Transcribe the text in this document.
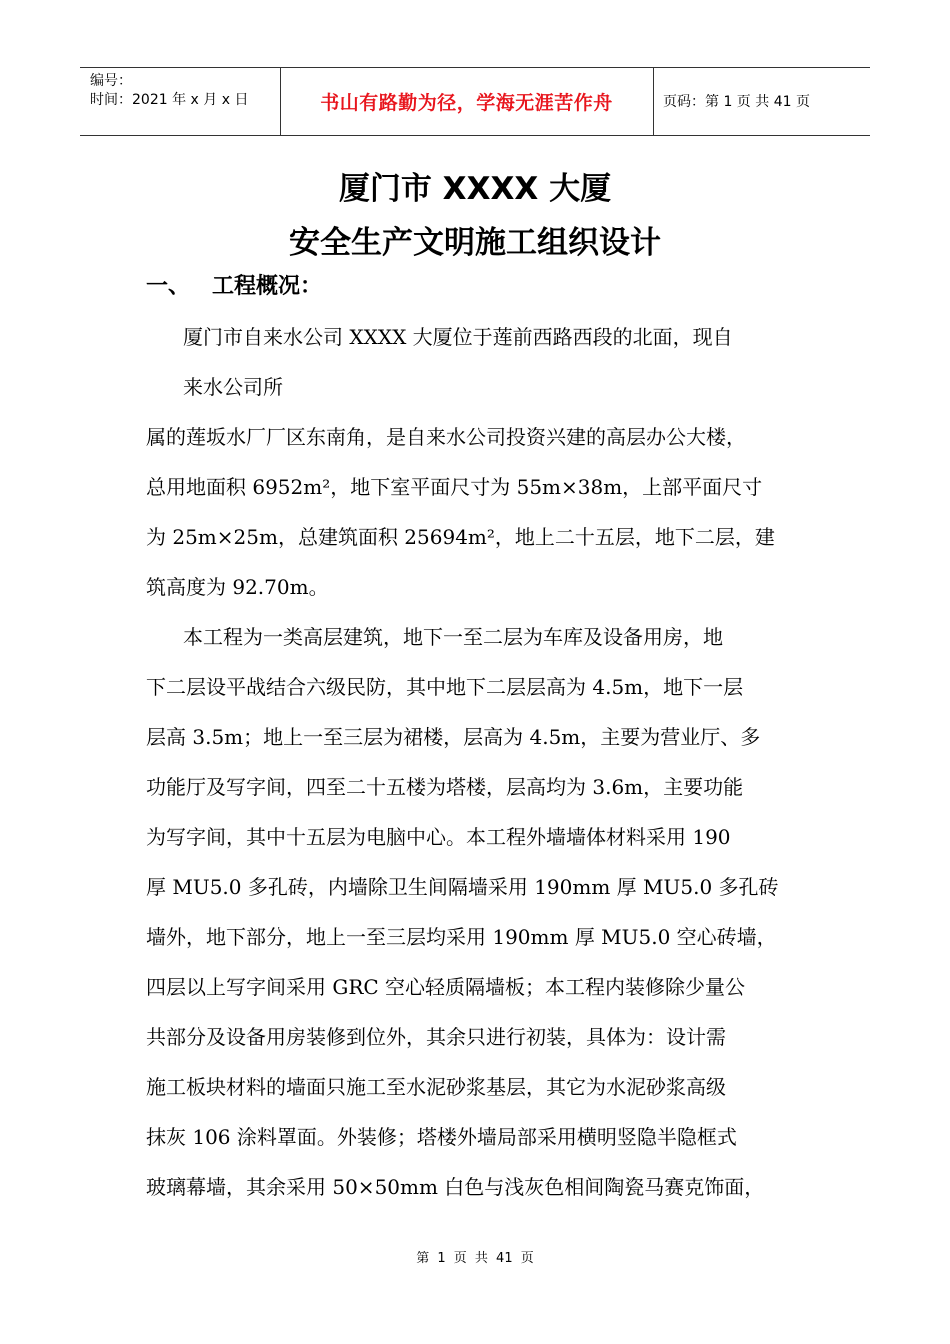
编号：
时间：2021 年 x 月 x 日	书山有路勤为径，学海无涯苦作舟	页码：第 1 页 共 41 页
厦门市 XXXX 大厦
安全生产文明施工组织设计
一、 工程概况：
厦门市自来水公司 XXXX 大厦位于莲前西路西段的北面，现自
来水公司所
属的莲坂水厂厂区东南角，是自来水公司投资兴建的高层办公大楼，
总用地面积 6952m²，地下室平面尺寸为 55m×38m，上部平面尺寸
为 25m×25m，总建筑面积 25694m²，地上二十五层，地下二层，建
筑高度为 92.70m。
本工程为一类高层建筑，地下一至二层为车库及设备用房，地
下二层设平战结合六级民防，其中地下二层层高为 4.5m，地下一层
层高 3.5m；地上一至三层为裙楼，层高为 4.5m，主要为营业厅、多
功能厅及写字间，四至二十五楼为塔楼，层高均为 3.6m，主要功能
为写字间，其中十五层为电脑中心。本工程外墙墙体材料采用 190
厚 MU5.0 多孔砖，内墙除卫生间隔墙采用 190mm 厚 MU5.0 多孔砖
墙外，地下部分，地上一至三层均采用 190mm 厚 MU5.0 空心砖墙，
四层以上写字间采用 GRC 空心轻质隔墙板；本工程内装修除少量公
共部分及设备用房装修到位外，其余只进行初装，具体为：设计需
施工板块材料的墙面只施工至水泥砂浆基层，其它为水泥砂浆高级
抹灰 106 涂料罩面。外装修；塔楼外墙局部采用横明竖隐半隐框式
玻璃幕墙，其余采用 50×50mm 白色与浅灰色相间陶瓷马赛克饰面，
第 1 页 共 41 页
